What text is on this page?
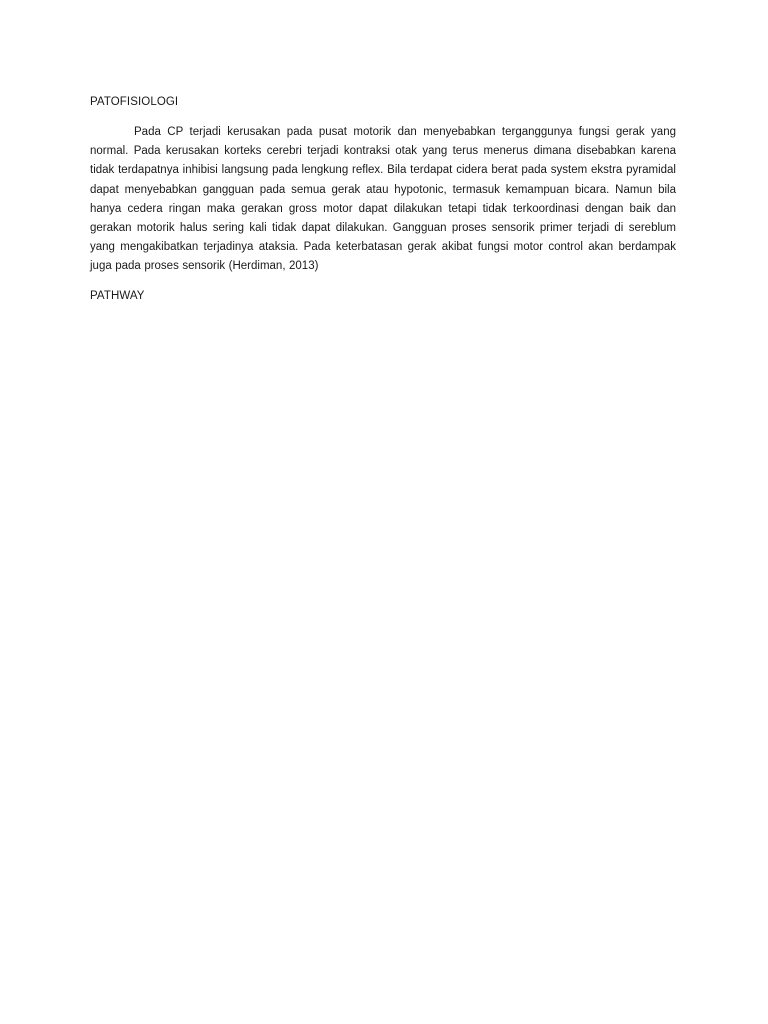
PATOFISIOLOGI

Pada CP terjadi kerusakan pada pusat motorik dan menyebabkan terganggunya fungsi gerak yang normal. Pada kerusakan korteks cerebri terjadi kontraksi otak yang terus menerus dimana disebabkan karena tidak terdapatnya inhibisi langsung pada lengkung reflex. Bila terdapat cidera berat pada system ekstra pyramidal dapat menyebabkan gangguan pada semua gerak atau hypotonic, termasuk kemampuan bicara. Namun bila hanya cedera ringan maka gerakan gross motor dapat dilakukan tetapi tidak terkoordinasi dengan baik dan gerakan motorik halus sering kali tidak dapat dilakukan. Gangguan proses sensorik primer terjadi di sereblum yang mengakibatkan terjadinya ataksia. Pada keterbatasan gerak akibat fungsi motor control akan berdampak juga pada proses sensorik (Herdiman, 2013)

PATHWAY
